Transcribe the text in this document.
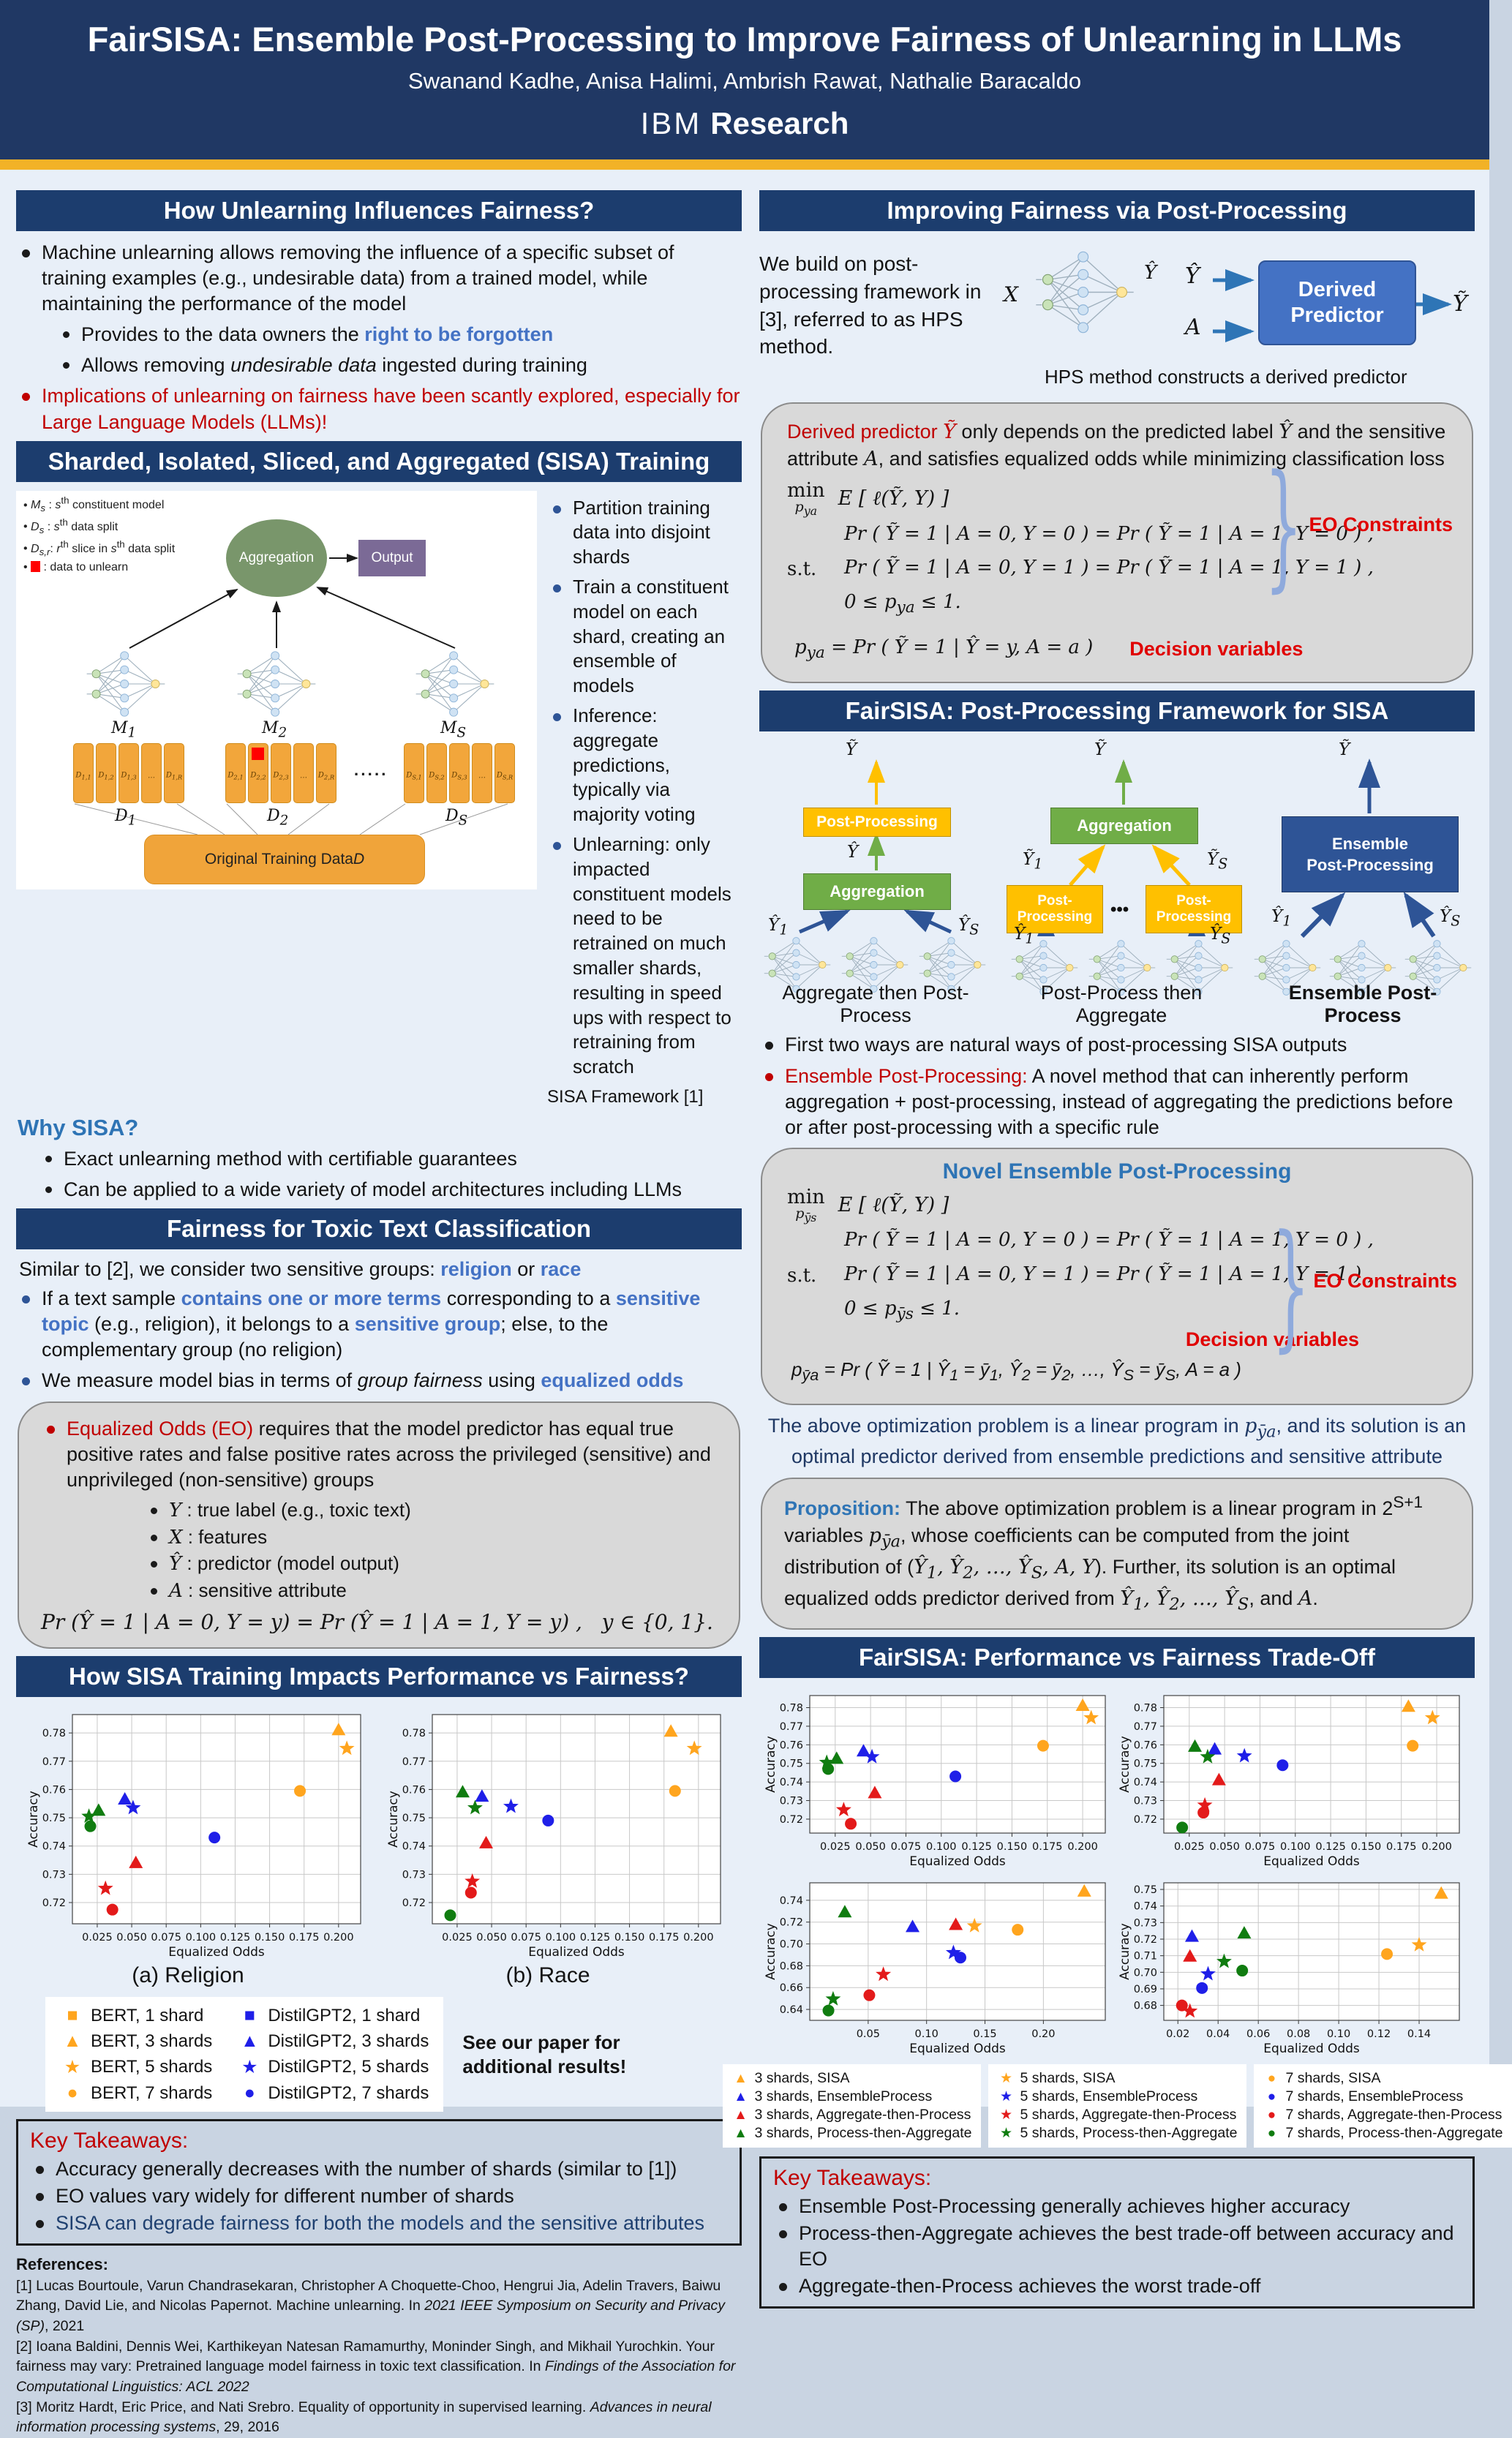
FairSISA: Ensemble Post-Processing to Improve Fairness of Unlearning in LLMs
Swanand Kadhe, Anisa Halimi, Ambrish Rawat, Nathalie Baracaldo
IBM Research
How Unlearning Influences Fairness?
Machine unlearning allows removing the influence of a specific subset of training examples (e.g., undesirable data) from a trained model, while maintaining the performance of the model
Provides to the data owners the right to be forgotten
Allows removing undesirable data ingested during training
Implications of unlearning on fairness have been scantly explored, especially for Large Language Models (LLMs)!
Sharded, Isolated, Sliced, and Aggregated (SISA) Training
• $M_s$ : $s^{th}$ constituent model
• $D_s$ : $s^{th}$ data split
• $D_{s,r}$: $r^{th}$ slice in $s^{th}$ data split
•  : data to unlearn
Aggregation	Output
$M_1$	$M_2$	$M_S$
$D_{1,1}$ $D_{1,2}$ $D_{1,3}$ … $D_{1,R}$	$D_{2,1}$ $D_{2,2}$ $D_{2,3}$ … $D_{2,R}$ ····· $D_{S,1}$ $D_{S,2}$ $D_{S,3}$ … $D_{S,R}$
$D_1$	$D_2$	$D_S$
Original Training Data D
Partition training data into disjoint shards
Train a constituent model on each shard, creating an ensemble of models
Inference: aggregate predictions, typically via majority voting
Unlearning: only impacted constituent models need to be retrained on much smaller shards, resulting in speed ups with respect to retraining from scratch
SISA Framework [1]
Why SISA?
Exact unlearning method with certifiable guarantees
Can be applied to a wide variety of model architectures including LLMs
Fairness for Toxic Text Classification
Similar to [2], we consider two sensitive groups: religion or race
If a text sample contains one or more terms corresponding to a sensitive topic (e.g., religion), it belongs to a sensitive group; else, to the complementary group (no religion)
We measure model bias in terms of group fairness using equalized odds
Equalized Odds (EO) requires that the model predictor has equal true positive rates and false positive rates across the privileged (sensitive) and unprivileged (non-sensitive) groups
Y : true label (e.g., toxic text)
X : features
Ŷ : predictor (model output)
A : sensitive attribute
Pr (Ŷ = 1 | A = 0, Y = y) = Pr (Ŷ = 1 | A = 1, Y = y) ,   y ∈ {0, 1}.
How SISA Training Impacts Performance vs Fairness?
0.025 0.050 0.075 0.100 0.125 0.150 0.175 0.200
0.72
0.73
0.74
0.75
0.76
0.77
0.78
Equalized Odds
Accuracy
0.025 0.050 0.075 0.100 0.125 0.150 0.175 0.200
0.72
0.73
0.74
0.75
0.76
0.77
0.78
Equalized Odds
Accuracy
(a) Religion	(b) Race
■ BERT, 1 shard
▲ BERT, 3 shards
★ BERT, 5 shards
● BERT, 7 shards
■ DistilGPT2, 1 shard
▲ DistilGPT2, 3 shards
★ DistilGPT2, 5 shards
● DistilGPT2, 7 shards
See our paper for additional results!
Key Takeaways:
Accuracy generally decreases with the number of shards (similar to [1])
EO values vary widely for different number of shards
SISA can degrade fairness for both the models and the sensitive attributes
References:
[1] Lucas Bourtoule, Varun Chandrasekaran, Christopher A Choquette-Choo, Hengrui Jia, Adelin Travers, Baiwu Zhang, David Lie, and Nicolas Papernot. Machine unlearning. In 2021 IEEE Symposium on Security and Privacy (SP), 2021
[2] Ioana Baldini, Dennis Wei, Karthikeyan Natesan Ramamurthy, Moninder Singh, and Mikhail Yurochkin. Your fairness may vary: Pretrained language model fairness in toxic text classification. In Findings of the Association for Computational Linguistics: ACL 2022
[3] Moritz Hardt, Eric Price, and Nati Srebro. Equality of opportunity in supervised learning. Advances in neural information processing systems, 29, 2016
Improving Fairness via Post-Processing
We build on post-processing framework in [3], referred to as HPS method.
X
Ŷ Ŷ
A
Derived
Predictor	Ỹ
HPS method constructs a derived predictor
Derived predictor Ỹ only depends on the predicted label Ŷ and the sensitive attribute A, and satisfies equalized odds while minimizing classification loss
min
$p_{ya}$
E [ ℓ(Ỹ, Y) ]
s.t.
Pr ( Ỹ = 1 | A = 0, Y = 0 ) = Pr ( Ỹ = 1 | A = 1, Y = 0 ) ,
Pr ( Ỹ = 1 | A = 0, Y = 1 ) = Pr ( Ỹ = 1 | A = 1, Y = 1 ) ,
$0 \le p_{ya} \le 1$.	} EO Constraints
$p_{ya} = Pr$ ( Ỹ = 1 | Ŷ = y, A = a ) Decision variables
FairSISA: Post-Processing Framework for SISA
Ỹ
Post-Processing
Ŷ
Aggregation
$Ŷ_1$	$Ŷ_S$
Aggregate then Post-Process
Ỹ
Aggregation
Ỹ$_1$	Ỹ$_S$
Post-Processing
Post-Processing
•••
$Ŷ_1$	$Ŷ_S$
Post-Process then Aggregate
Ỹ
Ensemble
Post-Processing
$Ŷ_1$	$Ŷ_S$
Ensemble Post-Process
First two ways are natural ways of post-processing SISA outputs
Ensemble Post-Processing: A novel method that can inherently perform aggregation + post-processing, instead of aggregating the predictions before or after post-processing with a specific rule
Novel Ensemble Post-Processing
min
$p_{ȳs}$
E [ ℓ(Ỹ, Y) ]
s.t.
Pr ( Ỹ = 1 | A = 0, Y = 0 ) = Pr ( Ỹ = 1 | A = 1, Y = 0 ) ,
Pr ( Ỹ = 1 | A = 0, Y = 1 ) = Pr ( Ỹ = 1 | A = 1, Y = 1 ) ,
$0 \le p_{ȳs} \le 1$.	} EO Constraints
Decision variables
$p_{ȳa} = Pr$ ( Ỹ = 1 | $Ŷ_1$ = $ȳ_1$, $Ŷ_2$ = $ȳ_2$, …, $Ŷ_S$ = $ȳ_S$, A = a )
The above optimization problem is a linear program in $p_{ȳa}$, and its solution is an optimal predictor derived from ensemble predictions and sensitive attribute
Proposition: The above optimization problem is a linear program in $2^{S+1}$ variables $p_{ȳa}$, whose coefficients can be computed from the joint distribution of ($Ŷ_1$, $Ŷ_2$, …, $Ŷ_S$, A, Y). Further, its solution is an optimal equalized odds predictor derived from $Ŷ_1$, $Ŷ_2$, …, $Ŷ_S$, and A.
FairSISA: Performance vs Fairness Trade-Off
0.025 0.050 0.075 0.100 0.125 0.150 0.175 0.200
0.72
0.73
0.74
0.75
0.76
0.77
0.78
Equalized Odds
Accuracy
0.025 0.050 0.075 0.100 0.125 0.150 0.175 0.200
0.72
0.73
0.74
0.75
0.76
0.77
0.78
Equalized Odds
Accuracy
0.05	0.10	0.15	0.20
0.64
0.66
0.68
0.70
0.72
0.74
Equalized Odds
Accuracy
0.02 0.04 0.06 0.08 0.10 0.12 0.14
0.68
0.69
0.70
0.71
0.72
0.73
0.74
0.75
Equalized Odds
Accuracy
▲ 3 shards, SISA
▲ 3 shards, EnsembleProcess
▲ 3 shards, Aggregate-then-Process
▲ 3 shards, Process-then-Aggregate
★ 5 shards, SISA
★ 5 shards, EnsembleProcess
★ 5 shards, Aggregate-then-Process
★ 5 shards, Process-then-Aggregate
● 7 shards, SISA
● 7 shards, EnsembleProcess
● 7 shards, Aggregate-then-Process
● 7 shards, Process-then-Aggregate
Key Takeaways:
Ensemble Post-Processing generally achieves higher accuracy
Process-then-Aggregate achieves the best trade-off between accuracy and EO
Aggregate-then-Process achieves the worst trade-off
